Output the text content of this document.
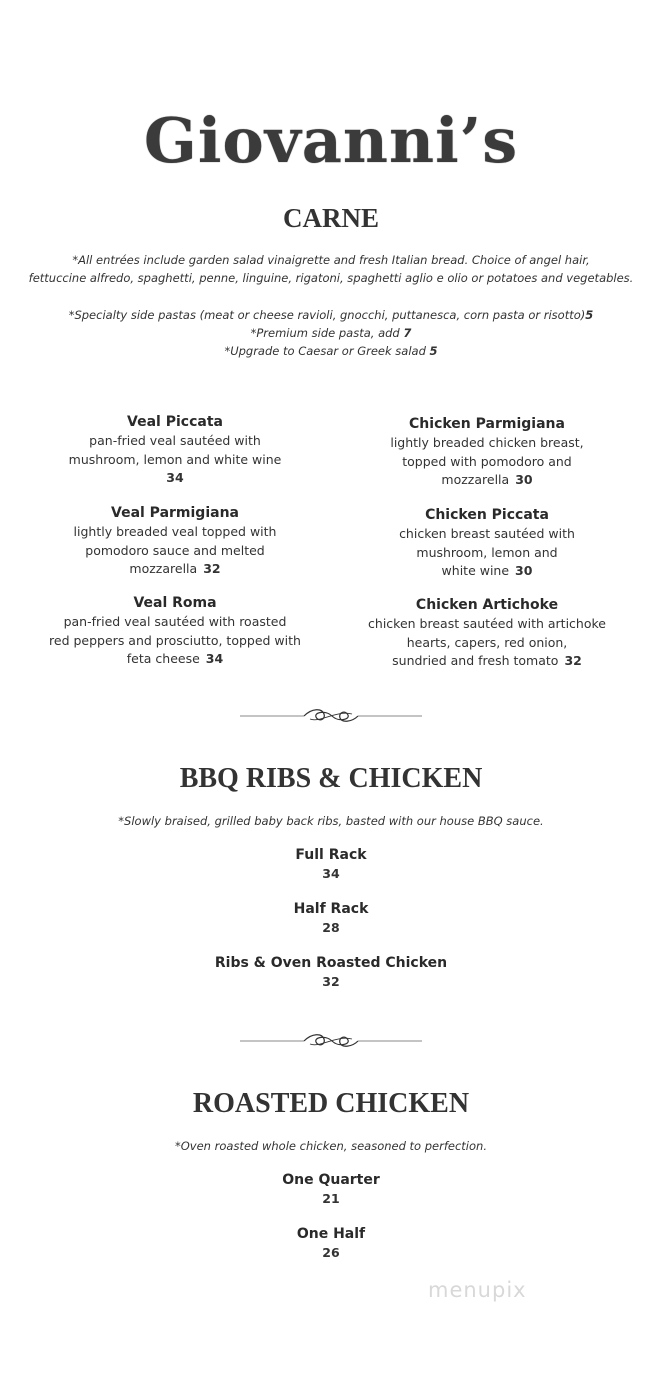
Giovanni’s
CARNE

*All entrées include garden salad vinaigrette and fresh Italian bread. Choice of angel hair,
fettuccine alfredo, spaghetti, penne, linguine, rigatoni, spaghetti aglio e olio or potatoes and vegetables.

*Specialty side pastas (meat or cheese ravioli, gnocchi, puttanesca, corn pasta or risotto)5

*Premium side pasta, add 7

*Upgrade to Caesar or Greek salad 5

Veal Piccata
pan-fried veal sautéed with
mushroom, lemon and white wine
34
Veal Parmigiana
lightly breaded veal topped with
pomodoro sauce and melted
mozzarella 32
Veal Roma
pan-fried veal sautéed with roasted
red peppers and prosciutto, topped with
feta cheese 34
Chicken Parmigiana
lightly breaded chicken breast,
topped with pomodoro and
mozzarella 30
Chicken Piccata
chicken breast sautéed with
mushroom, lemon and
white wine 30
Chicken Artichoke
chicken breast sautéed with artichoke
hearts, capers, red onion,
sundried and fresh tomato 32
BBQ RIBS & CHICKEN

*Slowly braised, grilled baby back ribs, basted with our house BBQ sauce.

Full Rack
34
Half Rack
28
Ribs & Oven Roasted Chicken
32
ROASTED CHICKEN

*Oven roasted whole chicken, seasoned to perfection.

One Quarter
21
One Half
26
menupix
